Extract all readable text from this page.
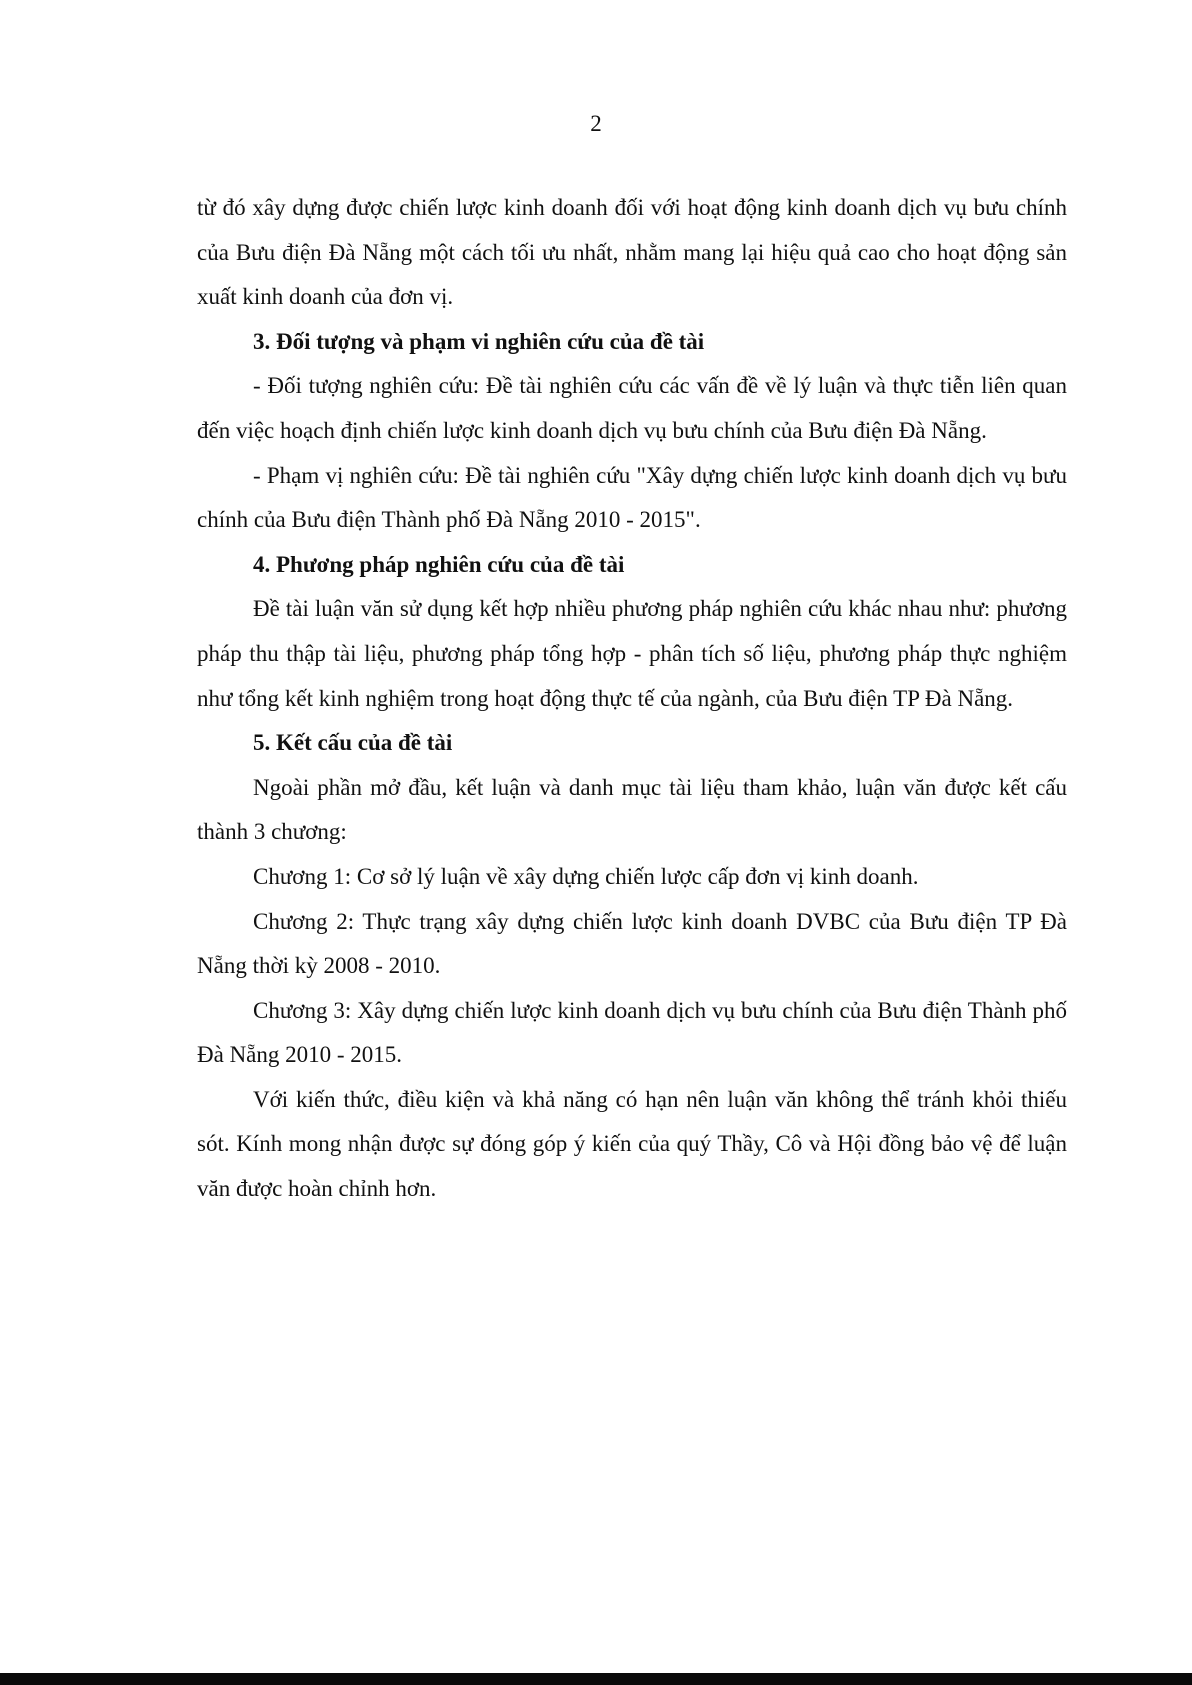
2

từ đó xây dựng được chiến lược kinh doanh đối với hoạt động kinh doanh dịch vụ bưu chính của Bưu điện Đà Nẵng một cách tối ưu nhất, nhằm mang lại hiệu quả cao cho hoạt động sản xuất kinh doanh của đơn vị.

3. Đối tượng và phạm vi nghiên cứu của đề tài

- Đối tượng nghiên cứu: Đề tài nghiên cứu các vấn đề về lý luận và thực tiễn liên quan đến việc hoạch định chiến lược kinh doanh dịch vụ bưu chính của Bưu điện Đà Nẵng.

- Phạm vị nghiên cứu: Đề tài nghiên cứu "Xây dựng chiến lược kinh doanh dịch vụ bưu chính của Bưu điện Thành phố Đà Nẵng 2010 - 2015".

4. Phương pháp nghiên cứu của đề tài

Đề tài luận văn sử dụng kết hợp nhiều phương pháp nghiên cứu khác nhau như: phương pháp thu thập tài liệu, phương pháp tổng hợp - phân tích số liệu, phương pháp thực nghiệm như tổng kết kinh nghiệm trong hoạt động thực tế của ngành, của Bưu điện TP Đà Nẵng.

5. Kết cấu của đề tài

Ngoài phần mở đầu, kết luận và danh mục tài liệu tham khảo, luận văn được kết cấu thành 3 chương:

Chương 1: Cơ sở lý luận về xây dựng chiến lược cấp đơn vị kinh doanh.

Chương 2: Thực trạng xây dựng chiến lược kinh doanh DVBC của Bưu điện TP Đà Nẵng thời kỳ 2008 - 2010.

Chương 3: Xây dựng chiến lược kinh doanh dịch vụ bưu chính của Bưu điện Thành phố Đà Nẵng 2010 - 2015.

Với kiến thức, điều kiện và khả năng có hạn nên luận văn không thể tránh khỏi thiếu sót. Kính mong nhận được sự đóng góp ý kiến của quý Thầy, Cô và Hội đồng bảo vệ để luận văn được hoàn chỉnh hơn.
